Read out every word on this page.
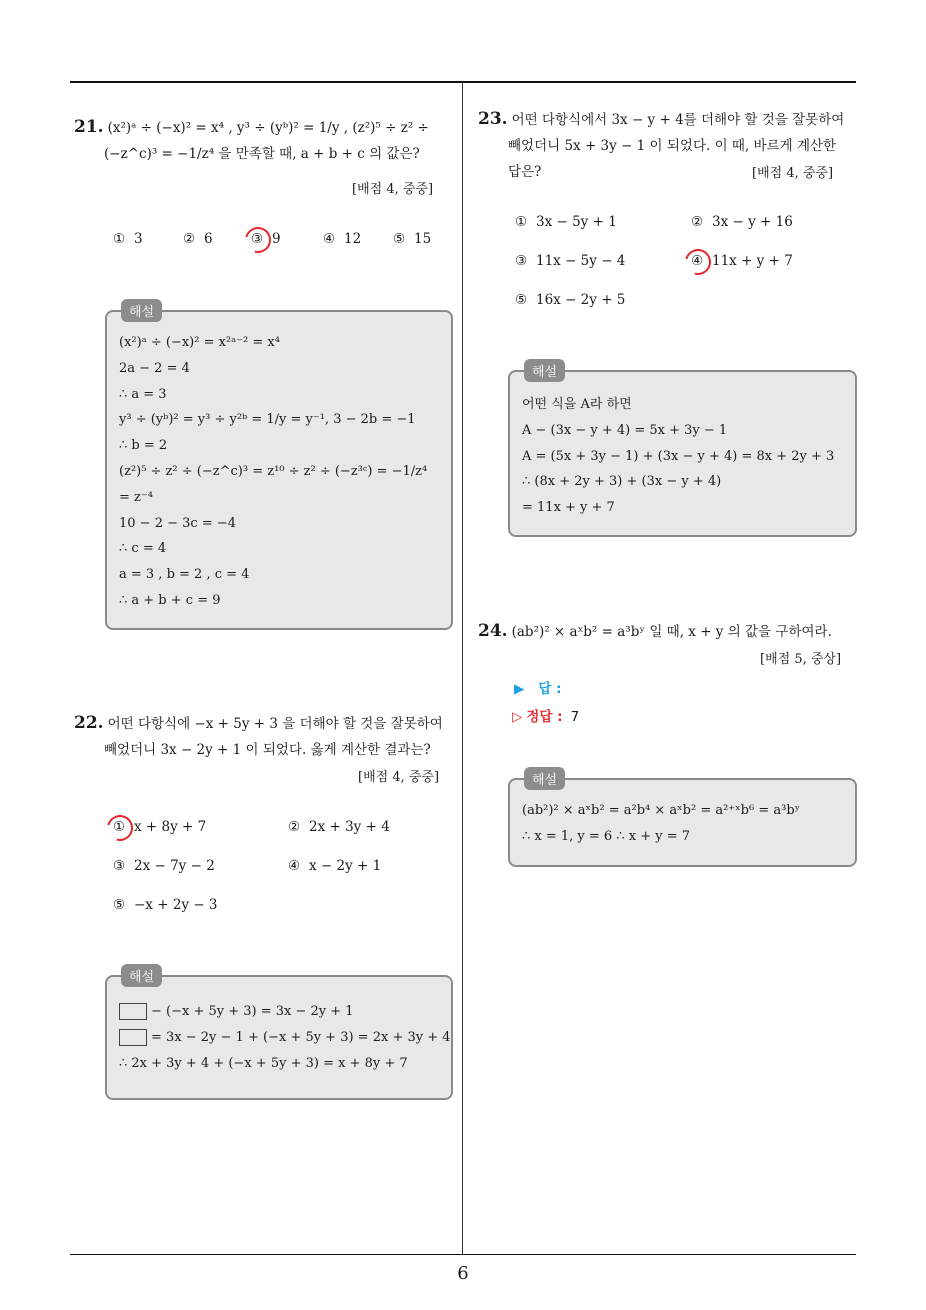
21. (x²)ᵃ ÷ (−x)² = x⁴ , y³ ÷ (yᵇ)² = 1/y , (z²)⁵ ÷ z² ÷
(−z^c)³ = −1/z⁴ 을 만족할 때, a + b + c 의 값은?
[배점 4, 중중]
① 3	② 6	③ 9	④ 12 ⑤ 15
해설
(x²)ᵃ ÷ (−x)² = x²ᵃ⁻² = x⁴
2a − 2 = 4
∴ a = 3
y³ ÷ (yᵇ)² = y³ ÷ y²ᵇ = 1/y = y⁻¹, 3 − 2b = −1
∴ b = 2
(z²)⁵ ÷ z² ÷ (−z^c)³ = z¹⁰ ÷ z² ÷ (−z³ᶜ) = −1/z⁴
= z⁻⁴
10 − 2 − 3c = −4
∴ c = 4
a = 3 , b = 2 , c = 4
∴ a + b + c = 9
22. 어떤 다항식에 −x + 5y + 3 을 더해야 할 것을 잘못하여
빼었더니 3x − 2y + 1 이 되었다. 옳게 계산한 결과는?
[배점 4, 중중]
① x + 8y + 7	② 2x + 3y + 4
③ 2x − 7y − 2	④ x − 2y + 1
⑤ −x + 2y − 3
해설
− (−x + 5y + 3) = 3x − 2y + 1
= 3x − 2y − 1 + (−x + 5y + 3) = 2x + 3y + 4
∴ 2x + 3y + 4 + (−x + 5y + 3) = x + 8y + 7
23. 어떤 다항식에서 3x − y + 4를 더해야 할 것을 잘못하여
빼었더니 5x + 3y − 1 이 되었다. 이 때, 바르게 계산한
답은?	[배점 4, 중중]
① 3x − 5y + 1	② 3x − y + 16
③ 11x − 5y − 4	④ 11x + y + 7
⑤ 16x − 2y + 5
해설
어떤 식을 A라 하면
A − (3x − y + 4) = 5x + 3y − 1
A = (5x + 3y − 1) + (3x − y + 4) = 8x + 2y + 3
∴ (8x + 2y + 3) + (3x − y + 4)
= 11x + y + 7
24. (ab²)² × aˣb² = a³bʸ 일 때, x + y 의 값을 구하여라.
[배점 5, 중상]
▶ 답 :
▷ 정답 : 7
해설
(ab²)² × aˣb² = a²b⁴ × aˣb² = a²⁺ˣb⁶ = a³bʸ
∴ x = 1, y = 6 ∴ x + y = 7
6
